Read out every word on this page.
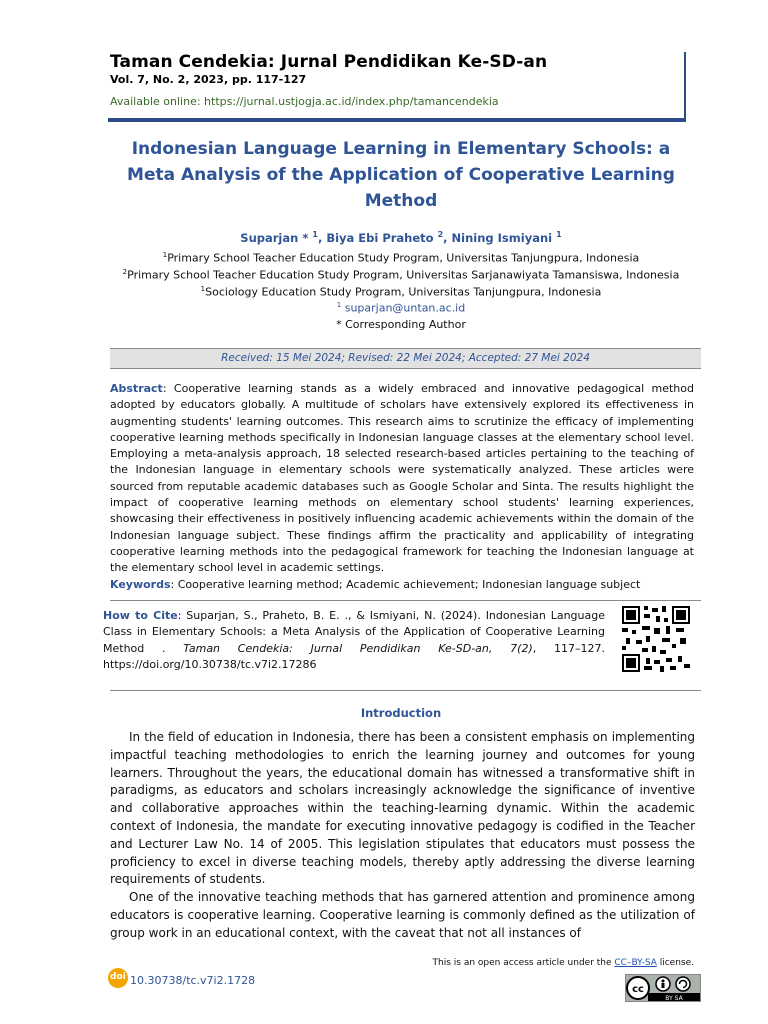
Taman Cendekia: Jurnal Pendidikan Ke-SD-an
Vol. 7, No. 2, 2023, pp. 117-127
Available online: https://jurnal.ustjogja.ac.id/index.php/tamancendekia
Indonesian Language Learning in Elementary Schools: a Meta Analysis of the Application of Cooperative Learning Method
Suparjan * $^1$, Biya Ebi Praheto $^2$, Nining Ismiyani $^1$
$^1$Primary School Teacher Education Study Program, Universitas Tanjungpura, Indonesia
$^2$Primary School Teacher Education Study Program, Universitas Sarjanawiyata Tamansiswa, Indonesia
$^1$Sociology Education Study Program, Universitas Tanjungpura, Indonesia
$^1$ suparjan@untan.ac.id
* Corresponding Author
Received: 15 Mei 2024; Revised: 22 Mei 2024; Accepted: 27 Mei 2024
Abstract: Cooperative learning stands as a widely embraced and innovative pedagogical method adopted by educators globally. A multitude of scholars have extensively explored its effectiveness in augmenting students' learning outcomes. This research aims to scrutinize the efficacy of implementing cooperative learning methods specifically in Indonesian language classes at the elementary school level. Employing a meta-analysis approach, 18 selected research-based articles pertaining to the teaching of the Indonesian language in elementary schools were systematically analyzed. These articles were sourced from reputable academic databases such as Google Scholar and Sinta. The results highlight the impact of cooperative learning methods on elementary school students' learning experiences, showcasing their effectiveness in positively influencing academic achievements within the domain of the Indonesian language subject. These findings affirm the practicality and applicability of integrating cooperative learning methods into the pedagogical framework for teaching the Indonesian language at the elementary school level in academic settings.
Keywords: Cooperative learning method; Academic achievement; Indonesian language subject
How to Cite: Suparjan, S., Praheto, B. E. ., & Ismiyani, N. (2024). Indonesian Language Class in Elementary Schools: a Meta Analysis of the Application of Cooperative Learning Method . Taman Cendekia: Jurnal Pendidikan Ke-SD-an, 7(2), 117–127. https://doi.org/10.30738/tc.v7i2.17286
Introduction

In the field of education in Indonesia, there has been a consistent emphasis on implementing impactful teaching methodologies to enrich the learning journey and outcomes for young learners. Throughout the years, the educational domain has witnessed a transformative shift in paradigms, as educators and scholars increasingly acknowledge the significance of inventive and collaborative approaches within the teaching-learning dynamic. Within the academic context of Indonesia, the mandate for executing innovative pedagogy is codified in the Teacher and Lecturer Law No. 14 of 2005. This legislation stipulates that educators must possess the proficiency to excel in diverse teaching models, thereby aptly addressing the diverse learning requirements of students.

One of the innovative teaching methods that has garnered attention and prominence among educators is cooperative learning. Cooperative learning is commonly defined as the utilization of group work in an educational context, with the caveat that not all instances of

This is an open access article under the CC–BY-SA license.
doi 10.30738/tc.v7i2.1728
cc
BY SA
